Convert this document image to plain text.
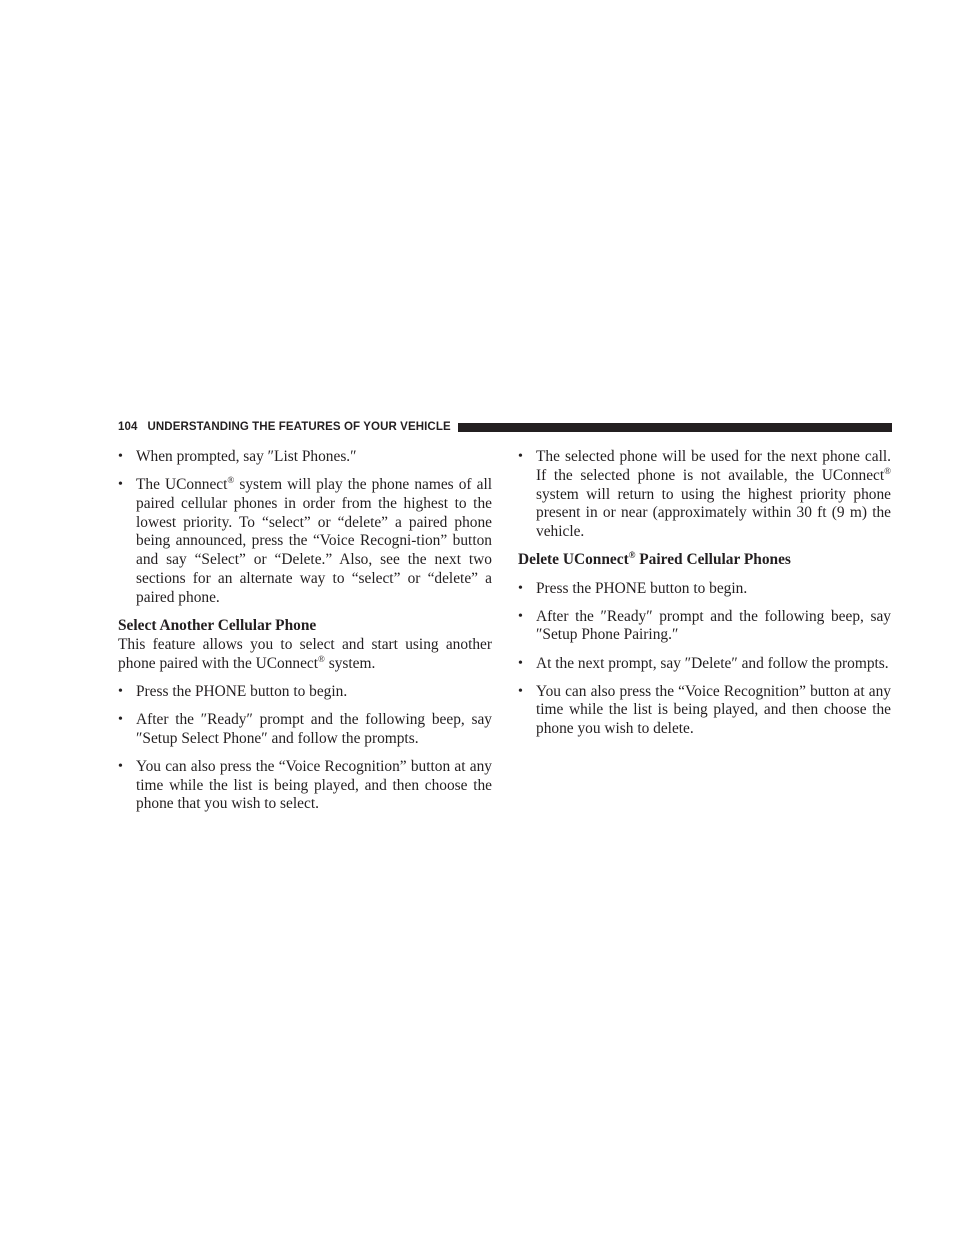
104 UNDERSTANDING THE FEATURES OF YOUR VEHICLE
• When prompted, say ″List Phones.″
• The UConnect® system will play the phone names of all paired cellular phones in order from the highest to the lowest priority. To “select” or “delete” a paired phone being announced, press the “Voice Recogni-tion” button and say “Select” or “Delete.” Also, see the next two sections for an alternate way to “select” or “delete” a paired phone.
Select Another Cellular Phone

This feature allows you to select and start using another phone paired with the UConnect® system.

• Press the PHONE button to begin.
• After the ″Ready″ prompt and the following beep, say ″Setup Select Phone″ and follow the prompts.
• You can also press the “Voice Recognition” button at any time while the list is being played, and then choose the phone that you wish to select.
• The selected phone will be used for the next phone call. If the selected phone is not available, the UConnect® system will return to using the highest priority phone present in or near (approximately within 30 ft (9 m) the vehicle.
Delete UConnect® Paired Cellular Phones
• Press the PHONE button to begin.
• After the ″Ready″ prompt and the following beep, say ″Setup Phone Pairing.″
• At the next prompt, say ″Delete″ and follow the prompts.
• You can also press the “Voice Recognition” button at any time while the list is being played, and then choose the phone you wish to delete.
